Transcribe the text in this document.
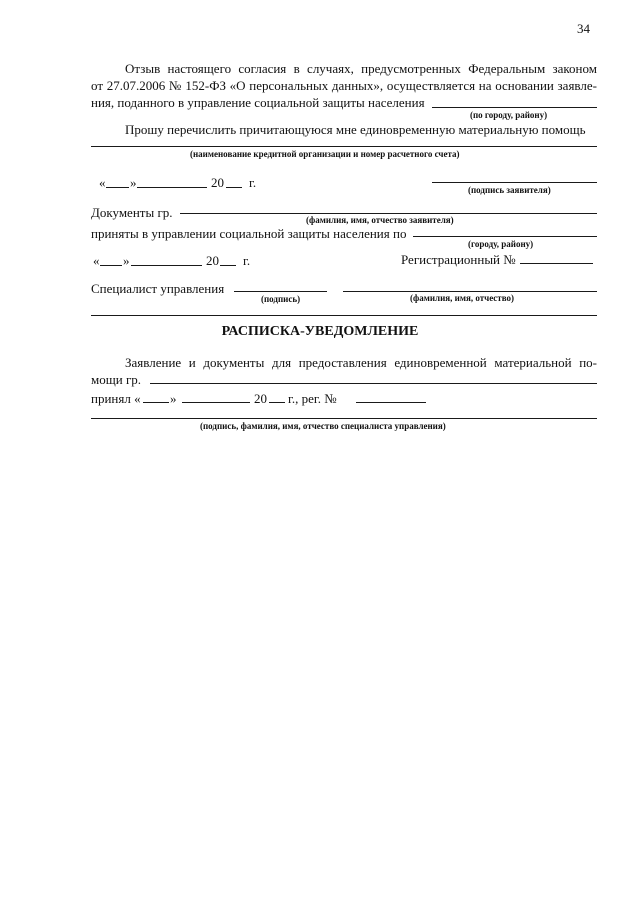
34
Отзыв настоящего согласия в случаях, предусмотренных Федеральным законом
от 27.07.2006 № 152-ФЗ «О персональных данных», осуществляется на основании заявле-
ния, поданного в управление социальной защиты населения
(по городу, району)
Прошу перечислить причитающуюся мне единовременную материальную помощь
(наименование кредитной организации и номер расчетного счета)
« »	20 г.	(подпись заявителя)
Документы гр.	(фамилия, имя, отчество заявителя)
приняты в управлении социальной защиты населения по
(городу, району)
« »	20 г.	Регистрационный №
Специалист управления
(подпись)	(фамилия, имя, отчество)
РАСПИСКА-УВЕДОМЛЕНИЕ
Заявление и документы для предоставления единовременной материальной по-
мощи гр.
принял « »	20 г., рег. №
(подпись, фамилия, имя, отчество специалиста управления)
